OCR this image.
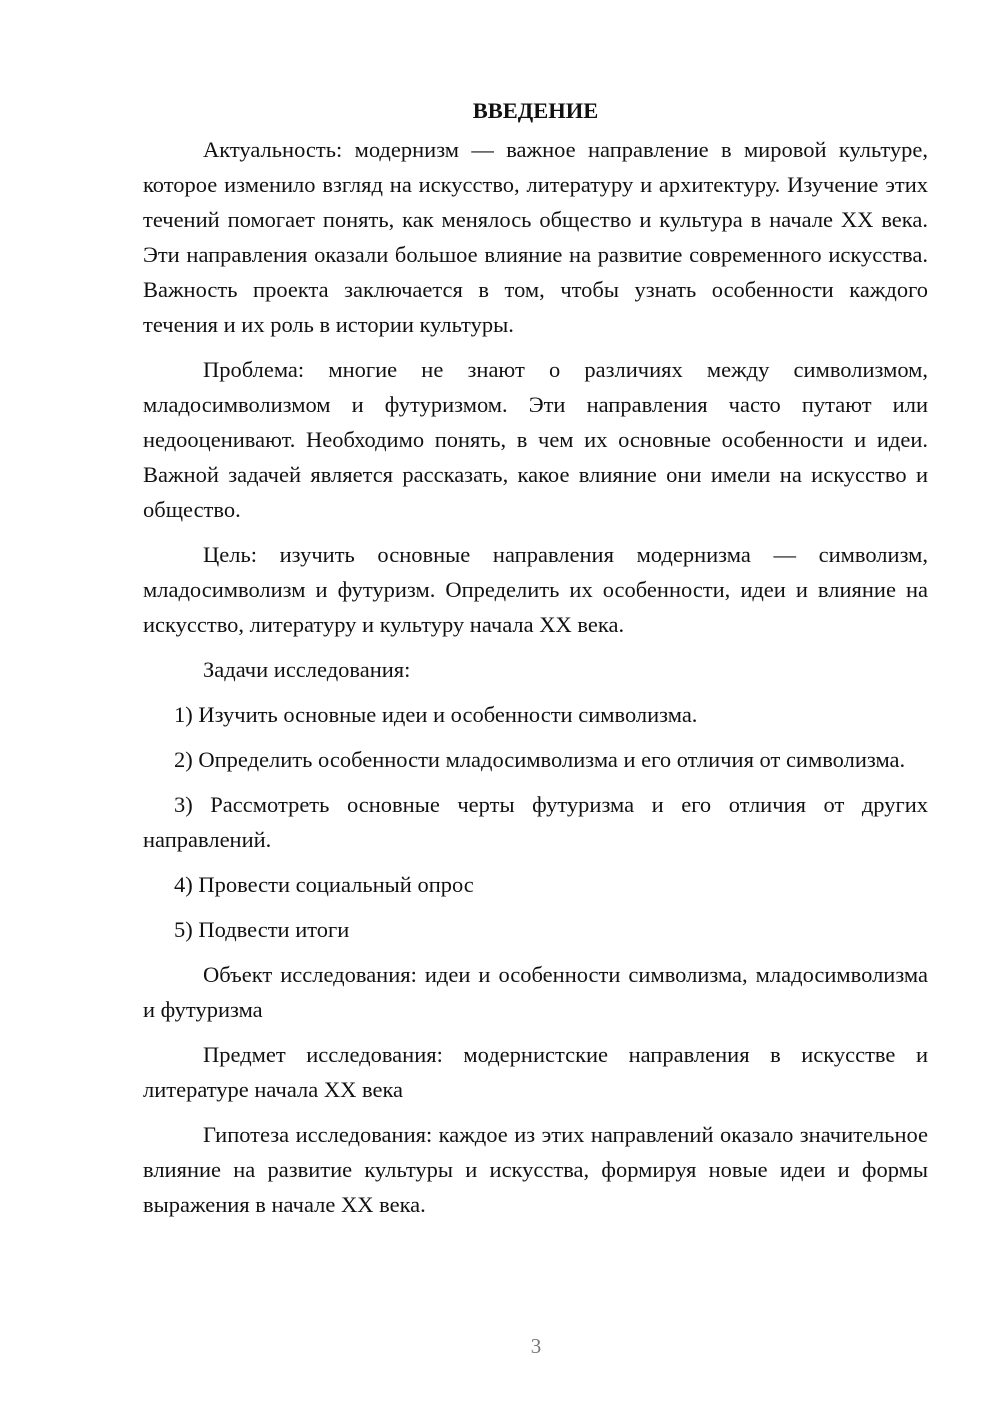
ВВЕДЕНИЕ

Актуальность: модернизм — важное направление в мировой культуре, которое изменило взгляд на искусство, литературу и архитектуру. Изучение этих течений помогает понять, как менялось общество и культура в начале XX века. Эти направления оказали большое влияние на развитие современного искусства. Важность проекта заключается в том, чтобы узнать особенности каждого течения и их роль в истории культуры.

Проблема: многие не знают о различиях между символизмом, младосимволизмом и футуризмом. Эти направления часто путают или недооценивают. Необходимо понять, в чем их основные особенности и идеи. Важной задачей является рассказать, какое влияние они имели на искусство и общество.

Цель: изучить основные направления модернизма — символизм, младосимволизм и футуризм. Определить их особенности, идеи и влияние на искусство, литературу и культуру начала XX века.

Задачи исследования:

1) Изучить основные идеи и особенности символизма.

2) Определить особенности младосимволизма и его отличия от символизма.

3) Рассмотреть основные черты футуризма и его отличия от других направлений.

4) Провести социальный опрос

5) Подвести итоги

Объект исследования: идеи и особенности символизма, младосимволизма и футуризма

Предмет исследования: модернистские направления в искусстве и литературе начала XX века

Гипотеза исследования: каждое из этих направлений оказало значительное влияние на развитие культуры и искусства, формируя новые идеи и формы выражения в начале XX века.

3
